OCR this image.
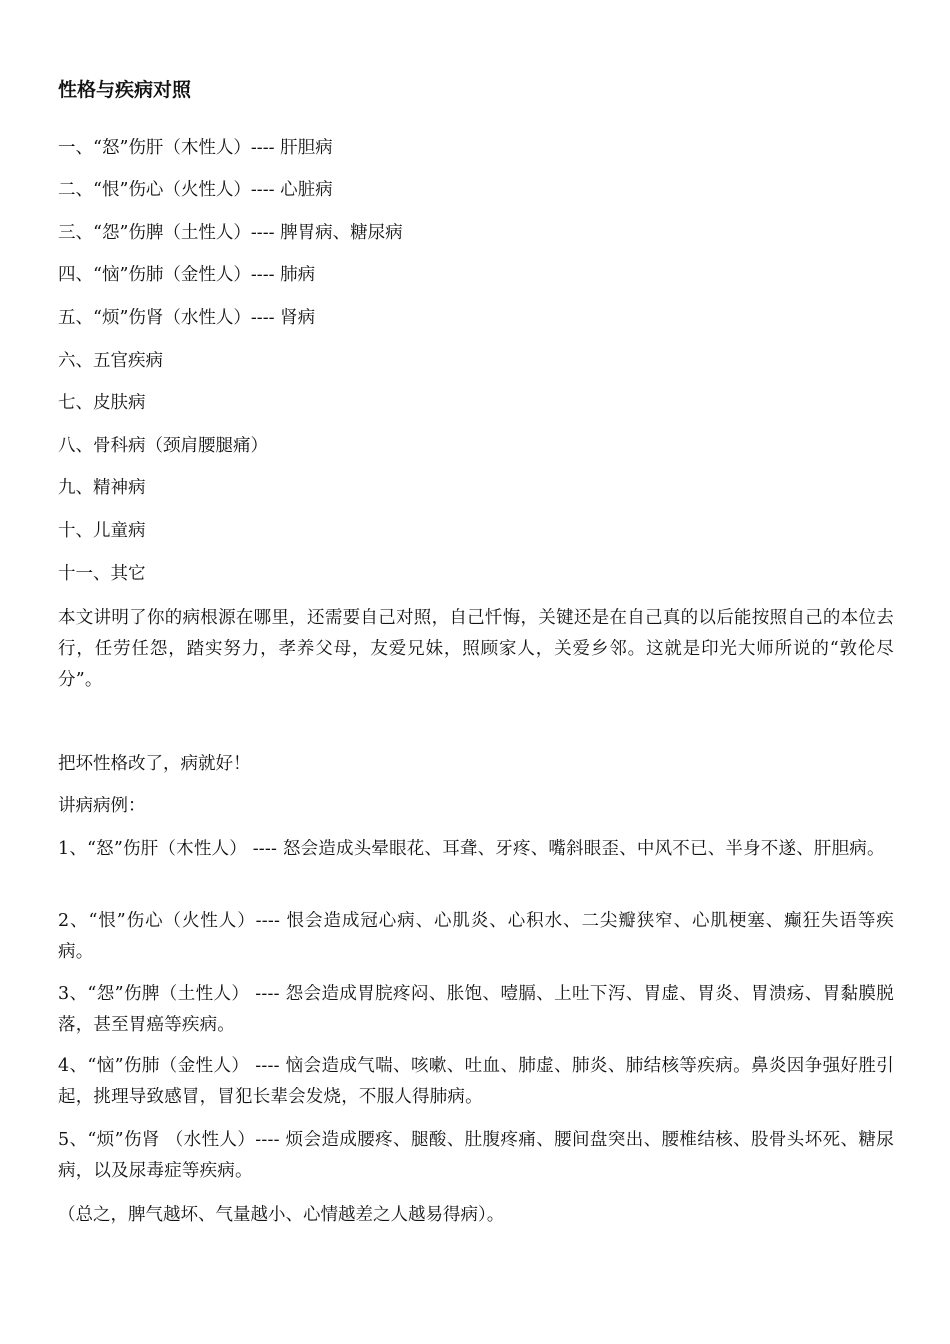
性格与疾病对照

一、“怒”伤肝（木性人）---- 肝胆病

二、“恨”伤心（火性人）---- 心脏病

三、“怨”伤脾（土性人）---- 脾胃病、糖尿病

四、“恼”伤肺（金性人）---- 肺病

五、“烦”伤肾（水性人）---- 肾病

六、五官疾病

七、皮肤病

八、骨科病（颈肩腰腿痛）

九、精神病

十、儿童病

十一、其它

本文讲明了你的病根源在哪里，还需要自己对照，自己忏悔，关键还是在自己真的以后能按照自己的本位去行，任劳任怨，踏实努力，孝养父母，友爱兄妹，照顾家人，关爱乡邻。这就是印光大师所说的“敦伦尽分”。

把坏性格改了，病就好！

讲病病例：

1、“怒”伤肝（木性人） ---- 怒会造成头晕眼花、耳聋、牙疼、嘴斜眼歪、中风不已、半身不遂、肝胆病。

2、“恨”伤心（火性人）---- 恨会造成冠心病、心肌炎、心积水、二尖瓣狭窄、心肌梗塞、癫狂失语等疾病。

3、“怨”伤脾（土性人） ---- 怨会造成胃脘疼闷、胀饱、噎膈、上吐下泻、胃虚、胃炎、胃溃疡、胃黏膜脱落，甚至胃癌等疾病。

4、“恼”伤肺（金性人） ---- 恼会造成气喘、咳嗽、吐血、肺虚、肺炎、肺结核等疾病。鼻炎因争强好胜引起，挑理导致感冒，冒犯长辈会发烧，不服人得肺病。

5、“烦”伤肾 （水性人）---- 烦会造成腰疼、腿酸、肚腹疼痛、腰间盘突出、腰椎结核、股骨头坏死、糖尿病，以及尿毒症等疾病。

（总之，脾气越坏、气量越小、心情越差之人越易得病）。
